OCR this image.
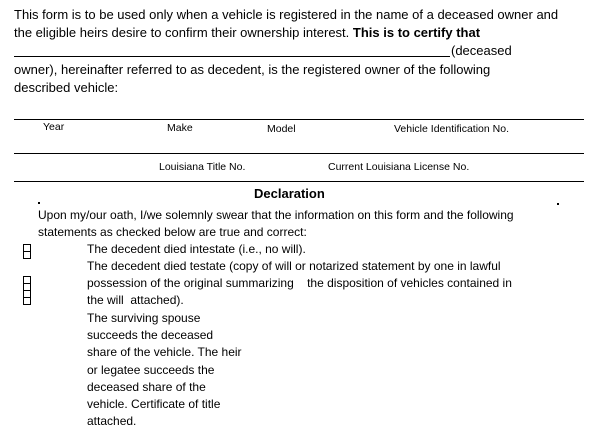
This form is to be used only when a vehicle is registered in the name of a deceased owner and
the eligible heirs desire to confirm their ownership interest. This is to certify that
(deceased
owner), hereinafter referred to as decedent, is the registered owner of the following
described vehicle:
Year	Make	Model	Vehicle Identification No.
Louisiana Title No.	Current Louisiana License No.
Declaration
Upon my/our oath, I/we solemnly swear that the information on this form and the following
statements as checked below are true and correct:
The decedent died intestate (i.e., no will).
The decedent died testate (copy of will or notarized statement by one in lawful
possession of the original summarizing    the disposition of vehicles contained in
the will  attached).
The surviving spouse
succeeds the deceased
share of the vehicle. The heir
or legatee succeeds the
deceased share of the
vehicle. Certificate of title
attached.
